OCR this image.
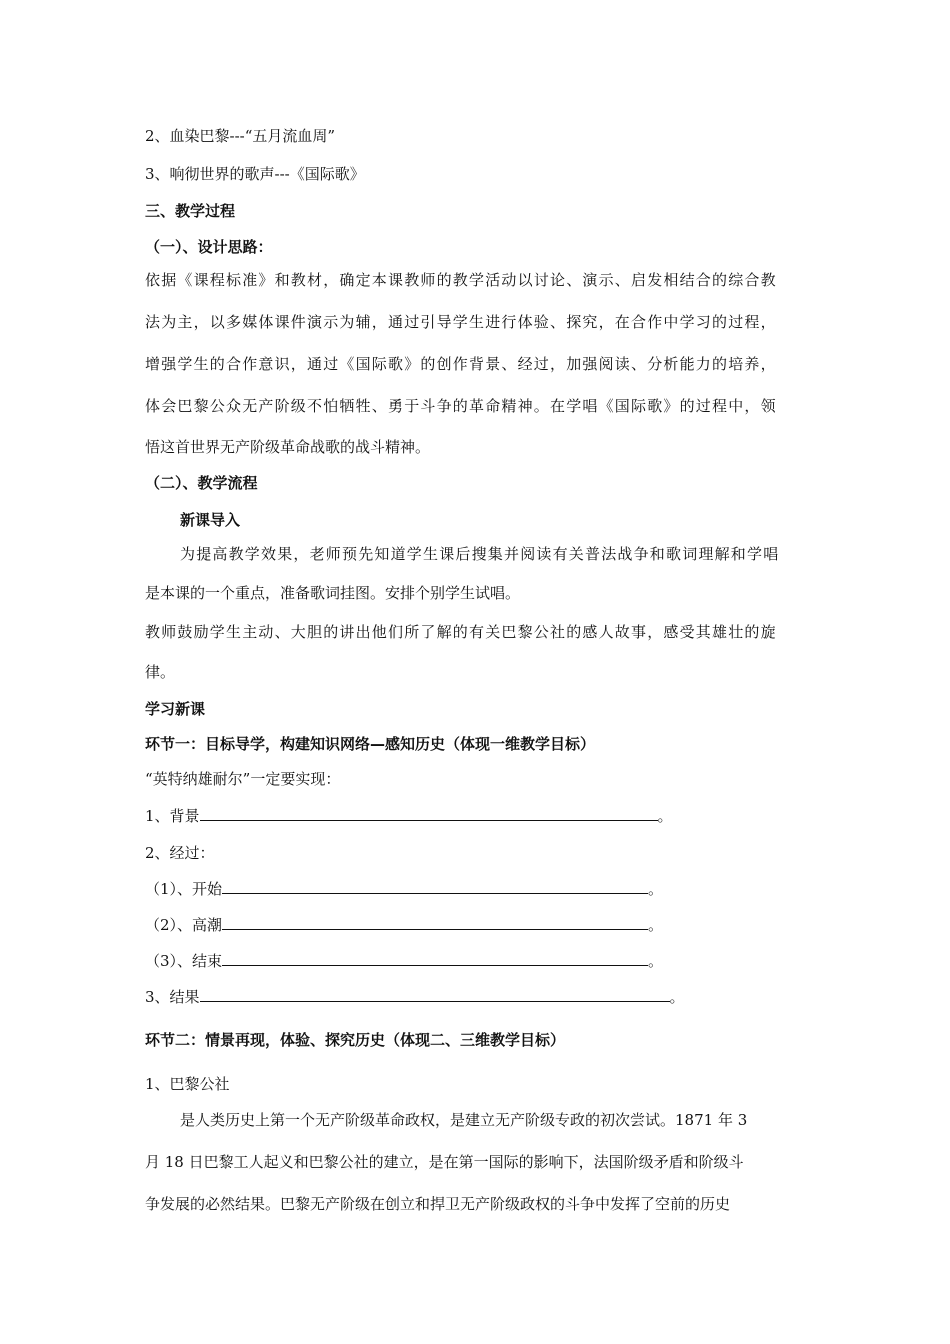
2、血染巴黎---“五月流血周”
3、响彻世界的歌声---《国际歌》
三、教学过程
（一）、设计思路：
依据《课程标准》和教材，确定本课教师的教学活动以讨论、演示、启发相结合的综合教
法为主，以多媒体课件演示为辅，通过引导学生进行体验、探究，在合作中学习的过程，
增强学生的合作意识，通过《国际歌》的创作背景、经过，加强阅读、分析能力的培养，
体会巴黎公众无产阶级不怕牺牲、勇于斗争的革命精神。在学唱《国际歌》的过程中，领
悟这首世界无产阶级革命战歌的战斗精神。
（二）、教学流程
新课导入
为提高教学效果，老师预先知道学生课后搜集并阅读有关普法战争和歌词理解和学唱
是本课的一个重点，准备歌词挂图。安排个别学生试唱。
教师鼓励学生主动、大胆的讲出他们所了解的有关巴黎公社的感人故事，感受其雄壮的旋
律。
学习新课
环节一：目标导学，构建知识网络—感知历史（体现一维教学目标）
“英特纳雄耐尔”一定要实现：
1、背景	。
2、经过：
（1）、开始	。
（2）、高潮	。
（3）、结束	。
3、结果	。
环节二：情景再现，体验、探究历史（体现二、三维教学目标）
1、巴黎公社
是人类历史上第一个无产阶级革命政权，是建立无产阶级专政的初次尝试。1871 年 3
月 18 日巴黎工人起义和巴黎公社的建立，是在第一国际的影响下，法国阶级矛盾和阶级斗
争发展的必然结果。巴黎无产阶级在创立和捍卫无产阶级政权的斗争中发挥了空前的历史
